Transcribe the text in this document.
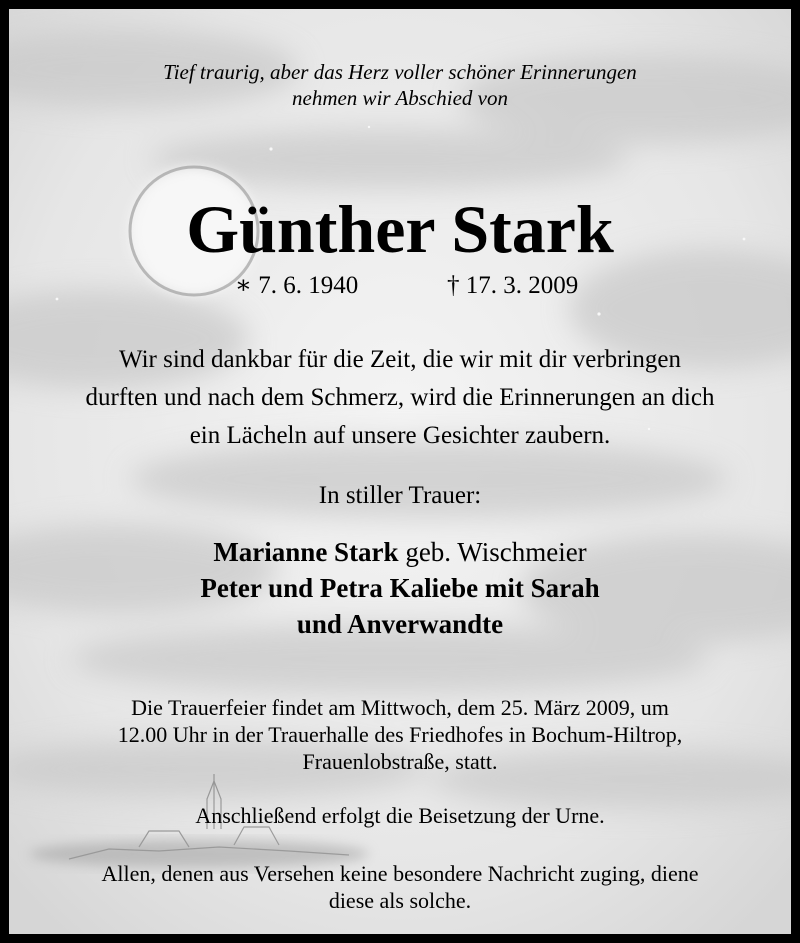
Tief traurig, aber das Herz voller schöner Erinnerungen
nehmen wir Abschied von
Günther Stark
∗ 7. 6. 1940	† 17. 3. 2009
Wir sind dankbar für die Zeit, die wir mit dir verbringen
durften und nach dem Schmerz, wird die Erinnerungen an dich
ein Lächeln auf unsere Gesichter zaubern.
In stiller Trauer:
Marianne Stark geb. Wischmeier
Peter und Petra Kaliebe mit Sarah
und Anverwandte
Die Trauerfeier findet am Mittwoch, dem 25. März 2009, um
12.00 Uhr in der Trauerhalle des Friedhofes in Bochum-Hiltrop,
Frauenlobstraße, statt.
Anschließend erfolgt die Beisetzung der Urne.
Allen, denen aus Versehen keine besondere Nachricht zuging, diene
diese als solche.
